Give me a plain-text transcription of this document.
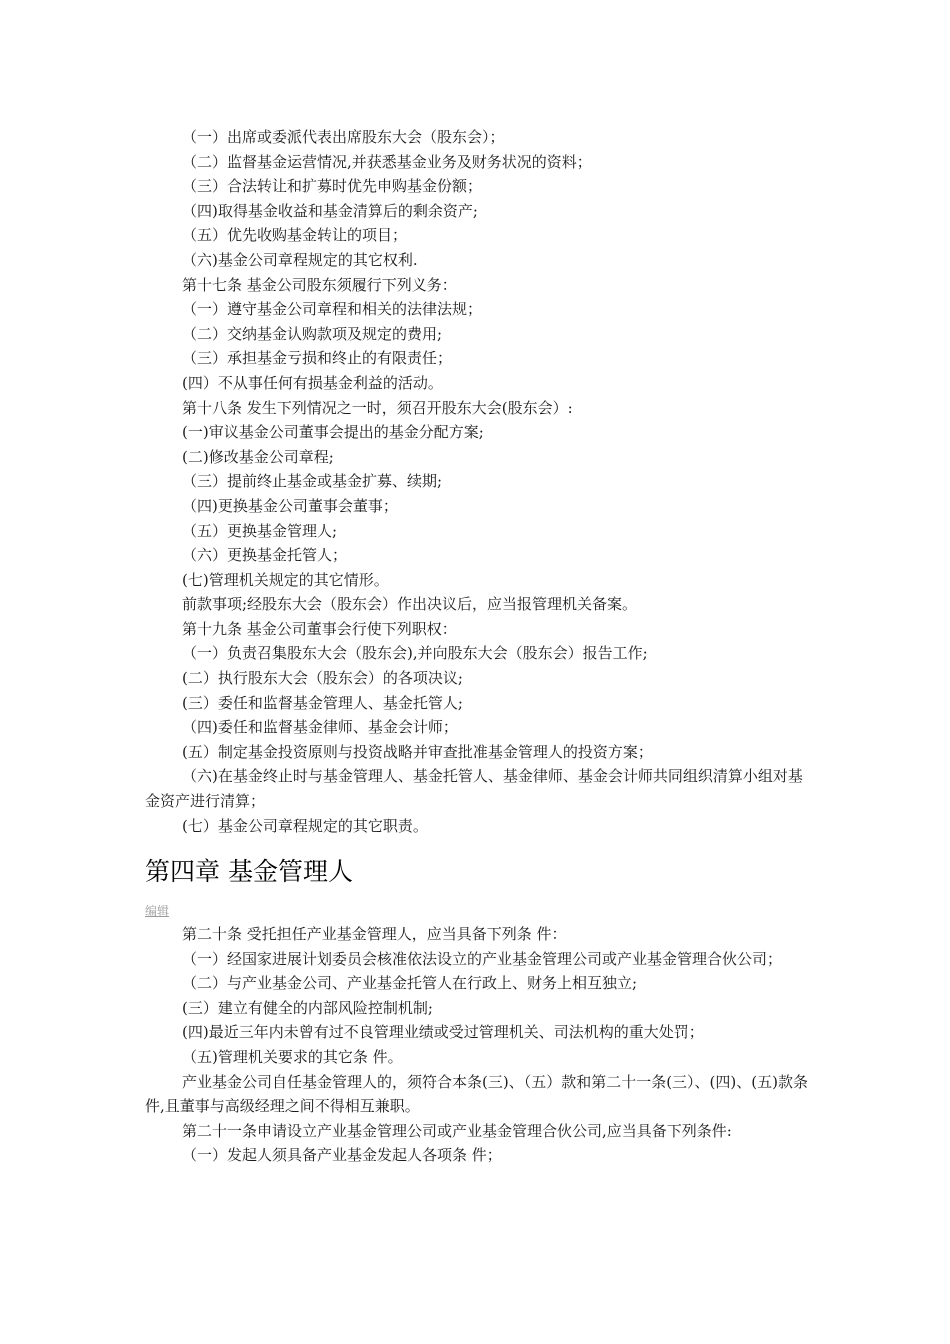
（一）出席或委派代表出席股东大会（股东会）；
（二）监督基金运营情况,并获悉基金业务及财务状况的资料；
（三）合法转让和扩募时优先申购基金份额；
（四)取得基金收益和基金清算后的剩余资产;
（五）优先收购基金转让的项目；
（六)基金公司章程规定的其它权利.
第十七条 基金公司股东须履行下列义务：
（一）遵守基金公司章程和相关的法律法规；
（二）交纳基金认购款项及规定的费用;
（三）承担基金亏损和终止的有限责任；
(四）不从事任何有损基金利益的活动。
第十八条 发生下列情况之一时，须召开股东大会(股东会）:
(一)审议基金公司董事会提出的基金分配方案;
(二)修改基金公司章程;
（三）提前终止基金或基金扩募、续期;
（四)更换基金公司董事会董事；
（五）更换基金管理人;
（六）更换基金托管人；
(七)管理机关规定的其它情形。
前款事项;经股东大会（股东会）作出决议后，应当报管理机关备案。
第十九条 基金公司董事会行使下列职权：
（一）负责召集股东大会（股东会),并向股东大会（股东会）报告工作;
(二）执行股东大会（股东会）的各项决议;
(三）委任和监督基金管理人、基金托管人;
（四)委任和监督基金律师、基金会计师；
(五）制定基金投资原则与投资战略并审查批准基金管理人的投资方案；
（六)在基金终止时与基金管理人、基金托管人、基金律师、基金会计师共同组织清算小组对基金资产进行清算；
(七）基金公司章程规定的其它职责。
第四章 基金管理人
编辑
第二十条 受托担任产业基金管理人，应当具备下列条 件：
（一）经国家进展计划委员会核准依法设立的产业基金管理公司或产业基金管理合伙公司；
（二）与产业基金公司、产业基金托管人在行政上、财务上相互独立;
(三）建立有健全的内部风险控制机制;
(四)最近三年内未曾有过不良管理业绩或受过管理机关、司法机构的重大处罚；
（五)管理机关要求的其它条 件。
产业基金公司自任基金管理人的，须符合本条(三)、（五）款和第二十一条(三）、(四)、(五)款条件,且董事与高级经理之间不得相互兼职。
第二十一条申请设立产业基金管理公司或产业基金管理合伙公司,应当具备下列条件:
（一）发起人须具备产业基金发起人各项条 件；
